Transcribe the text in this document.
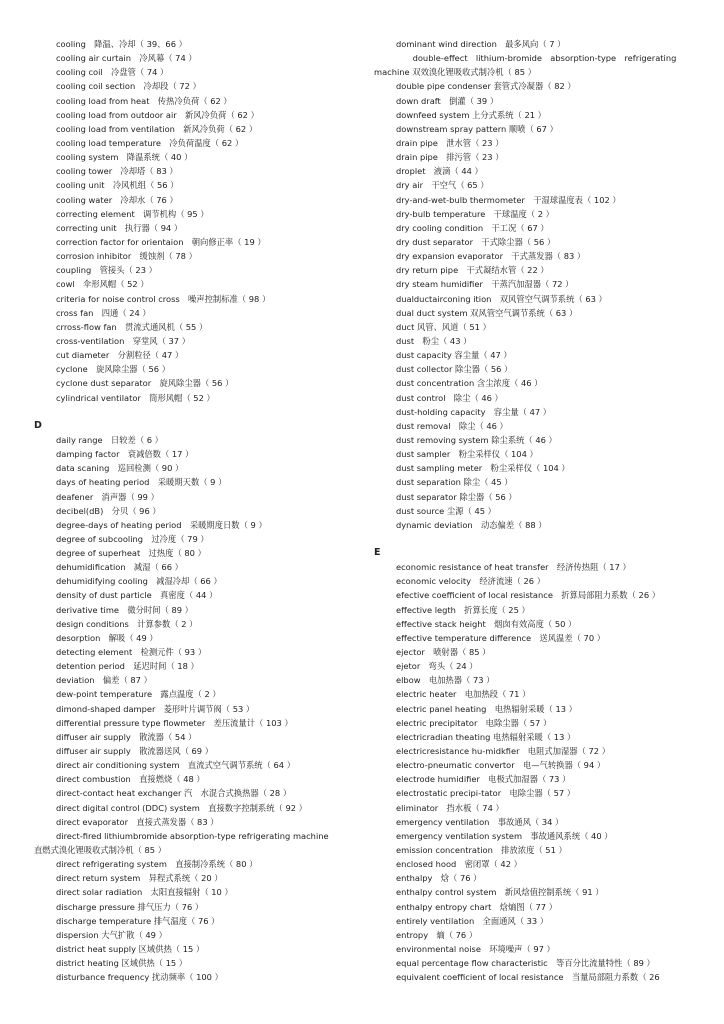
cooling　降温、冷却（ 39、66 ）
cooling air curtain　冷风幕（ 74 ）
cooling coil　冷盘管（ 74 ）
cooling coil section　冷却段（ 72 ）
cooling load from heat　传热冷负荷（ 62 ）
cooling load from outdoor air　新风冷负荷（ 62 ）
cooling load from ventilation　新风冷负荷（ 62 ）
cooling load temperature　冷负荷温度（ 62 ）
cooling system　降温系统（ 40 ）
cooling tower　冷却塔（ 83 ）
cooling unit　冷风机组（ 56 ）
cooling water　冷却水（ 76 ）
correcting element　调节机构（ 95 ）
correcting unit　执行器（ 94 ）
correction factor for orientaion　朝向修正率（ 19 ）
corrosion inhibitor　缓蚀剂（ 78 ）
coupling　管接头（ 23 ）
cowl　伞形风帽（ 52 ）
criteria for noise control cross　噪声控制标准（ 98 ）
cross fan　四通（ 24 ）
crross-flow fan　贯流式通风机（ 55 ）
cross-ventilation　穿堂风（ 37 ）
cut diameter　分割粒径（ 47 ）
cyclone　旋风除尘器（ 56 ）
cyclone dust separator　旋风除尘器（ 56 ）
cylindrical ventilator　筒形风帽（ 52 ）
D
daily range　日较差（ 6 ）
damping factor　衰减倍数（ 17 ）
data scaning　巡回检测（ 90 ）
days of heating period　采暖期天数（ 9 ）
deafener　消声器（ 99 ）
decibel(dB)　分贝（ 96 ）
degree-days of heating period　采暖期度日数（ 9 ）
degree of subcooling　过冷度（ 79 ）
degree of superheat　过热度（ 80 ）
dehumidification　减湿（ 66 ）
dehumidifying cooling　减湿冷却（ 66 ）
density of dust particle　真密度（ 44 ）
derivative time　微分时间（ 89 ）
design conditions　计算参数（ 2 ）
desorption　解吸（ 49 ）
detecting element　检测元件（ 93 ）
detention period　延迟时间（ 18 ）
deviation　偏差（ 87 ）
dew-point temperature　露点温度（ 2 ）
dimond-shaped damper　菱形叶片调节阀（ 53 ）
differential pressure type flowmeter　差压流量计（ 103 ）
diffuser air supply　散流器（ 54 ）
diffuser air supply　散流器送风（ 69 ）
direct air conditioning system　直流式空气调节系统（ 64 ）
direct combustion　直接燃烧（ 48 ）
direct-contact heat exchanger 汽　水混合式换热器（ 28 ）
direct digital control (DDC) system　直接数字控制系统（ 92 ）
direct evaporator　直接式蒸发器（ 83 ）
direct-fired lithiumbromide absorption-type refrigerating machine
直燃式溴化锂吸收式制冷机（ 85 ）
direct refrigerating system　直接制冷系统（ 80 ）
direct return system　异程式系统（ 20 ）
direct solar radiation　太阳直接辐射（ 10 ）
discharge pressure 排气压力（ 76 ）
discharge temperature 排气温度（ 76 ）
dispersion 大气扩散（ 49 ）
district heat supply 区域供热（ 15 ）
district heating 区域供热（ 15 ）
disturbance frequency 扰动频率（ 100 ）
dominant wind direction　最多风向（ 7 ）
　　double-effect　lithium-bromide　absorption-type　refrigerating
machine 双效溴化锂吸收式制冷机（ 85 ）
double pipe condenser 套管式冷凝器（ 82 ）
down draft　倒灌（ 39 ）
downfeed system 上分式系统（ 21 ）
downstream spray pattern 顺喷（ 67 ）
drain pipe　泄水管（ 23 ）
drain pipe　排污管（ 23 ）
droplet　液滴（ 44 ）
dry air　干空气（ 65 ）
dry-and-wet-bulb thermometer　干湿球温度表（ 102 ）
dry-bulb temperature　干球温度（ 2 ）
dry cooling condition　干工况（ 67 ）
dry dust separator　干式除尘器（ 56 ）
dry expansion evaporator　干式蒸发器（ 83 ）
dry return pipe　干式凝结水管（ 22 ）
dry steam humidifier　干蒸汽加湿器（ 72 ）
dualductairconing ition　双风管空气调节系统（ 63 ）
dual duct system 双风管空气调节系统（ 63 ）
duct 风管、风道（ 51 ）
dust　粉尘（ 43 ）
dust capacity 容尘量（ 47 ）
dust collector 除尘器（ 56 ）
dust concentration 含尘浓度（ 46 ）
dust control　除尘（ 46 ）
dust-holding capacity　容尘量（ 47 ）
dust removal　除尘（ 46 ）
dust removing system 除尘系统（ 46 ）
dust sampler　粉尘采样仪（ 104 ）
dust sampling meter　粉尘采样仪（ 104 ）
dust separation 除尘（ 45 ）
dust separator 除尘器（ 56 ）
dust source 尘源（ 45 ）
dynamic deviation　动态偏差（ 88 ）
E
economic resistance of heat transfer　经济传热阻（ 17 ）
economic velocity　经济流速（ 26 ）
efective coefficient of local resistance　折算局部阻力系数（ 26 ）
effective legth　折算长度（ 25 ）
effective stack height　烟囱有效高度（ 50 ）
effective temperature difference　送风温差（ 70 ）
ejector　喷射器（ 85 ）
ejetor　弯头（ 24 ）
elbow　电加热器（ 73 ）
electric heater　电加热段（ 71 ）
electric panel heating　电热辐射采暖（ 13 ）
electric precipitator　电除尘器（ 57 ）
electricradian theating 电热辐射采暖（ 13 ）
electricresistance hu-midkfier　电阻式加湿器（ 72 ）
electro-pneumatic convertor　电—气转换器（ 94 ）
electrode humidifier　电极式加湿器（ 73 ）
electrostatic precipi-tator　电除尘器（ 57 ）
eliminator　挡水板（ 74 ）
emergency ventilation　事故通风（ 34 ）
emergency ventilation system　事故通风系统（ 40 ）
emission concentration　排放浓度（ 51 ）
enclosed hood　密闭罩（ 42 ）
enthalpy　焓（ 76 ）
enthalpy control system　新风焓值控制系统（ 91 ）
enthalpy entropy chart　焓熵图（ 77 ）
entirely ventilation　全面通风（ 33 ）
entropy　熵（ 76 ）
environmental noise　环境噪声（ 97 ）
equal percentage flow characteristic　等百分比流量特性（ 89 ）
equivalent coefficient of local resistance　当量局部阻力系数（ 26
